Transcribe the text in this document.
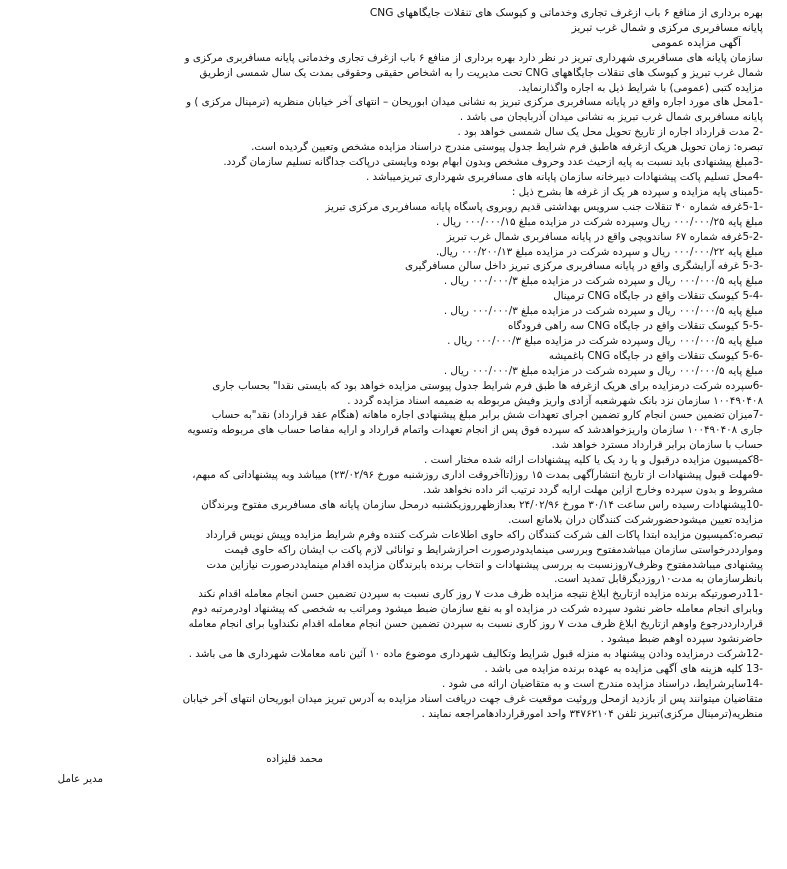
بهره برداری از منافع ۶ باب ازغرف تجاری وخدماتی و کیوسک های تنقلات جایگاههای CNG
پایانه مسافربری مرکزی و شمال غرب تبریز
آگهی مزایده عمومی
سازمان پایانه های مسافربری شهرداری تبریز در نظر دارد بهره برداری از منافع ۶ باب ازغرف تجاری وخدماتی پایانه مسافربری مرکزی و
شمال غرب تبریز و کیوسک های تنقلات جایگاههای CNG تحت مدیریت را به اشخاص حقیقی وحقوقی بمدت یک سال شمسی ازطریق
مزایده کتبی (عمومی) با شرایط ذیل به اجاره واگذارنماید.
-1محل های مورد اجاره واقع در پایانه مسافربری مرکزی تبریز به نشانی میدان ابوریحان – انتهای آخر خیابان منظریه (ترمینال مرکزی ) و
پایانه مسافربری شمال غرب تبریز به نشانی میدان آذربایجان می باشد .
-2 مدت قرارداد اجاره از تاریخ تحویل محل یک سال شمسی خواهد بود .
تبصره: زمان تحویل هریک ازغرفه هاطبق فرم شرایط جدول پیوستی مندرج دراسناد مزایده مشخص وتعیین گردیده است.
-3مبلغ پیشنهادی باید نسبت به پایه ازحیث عدد وحروف مشخص وبدون ابهام بوده وبایستی درپاکت جداگانه تسلیم سازمان گردد.
-4محل تسلیم پاکت پیشنهادات دبیرخانه سازمان پایانه های مسافربری شهرداری تبریزمیباشد .
-5مبنای پایه مزایده و سپرده هر یک از غرفه ها بشرح ذیل :
-5-1غرفه شماره ۴۰ تنقلات جنب سرویس بهداشتی قدیم روبروی پاسگاه پایانه مسافربری مرکزی تبریز
مبلغ پایه ۰۰۰/۰۰۰/۲۵ ریال وسپرده شرکت در مزایده مبلغ ۰۰۰/۰۰۰/۱۵ ریال .
-5-2غرفه شماره ۶۷ ساندویچی واقع در پایانه مسافربری شمال غرب تبریز
مبلغ پایه ۰۰۰/۰۰۰/۲۲ ریال و سپرده شرکت در مزایده مبلغ ۰۰۰/۲۰۰/۱۳ ریال.
-5-3 غرفه آرایشگری واقع در پایانه مسافربری مرکزی تبریز داخل سالن مسافرگیری
مبلغ پایه ۰۰۰/۰۰۰/۵ ریال و سپرده شرکت در مزایده مبلغ ۰۰۰/۰۰۰/۳ ریال .
-5-4 کیوسک تنقلات واقع در جایگاه CNG ترمینال
مبلغ پایه ۰۰۰/۰۰۰/۵ ریال و سپرده شرکت در مزایده مبلغ ۰۰۰/۰۰۰/۳ ریال .
-5-5 کیوسک تنقلات واقع در جایگاه CNG سه راهی فرودگاه
مبلغ پایه ۰۰۰/۰۰۰/۵ ریال وسپرده شرکت در مزایده مبلغ ۰۰۰/۰۰۰/۳ ریال .
-5-6 کیوسک تنقلات واقع در جایگاه CNG باغمیشه
مبلغ پایه ۰۰۰/۰۰۰/۵ ریال و سپرده شرکت در مزایده مبلغ ۰۰۰/۰۰۰/۳ ریال .
-6سپرده شرکت درمزایده برای هریک ازغرفه ها طبق فرم شرایط جدول پیوستی مزایده خواهد بود که بایستی نقدا" بحساب جاری
۱۰۰۴۹۰۴۰۸ سازمان نزد بانک شهرشعبه آزادی واریز وفیش مربوطه به ضمیمه اسناد مزایده گردد .
-7میزان تضمین حسن انجام کارو تضمین اجرای تعهدات شش برابر مبلغ پیشنهادی اجاره ماهانه (هنگام عقد قرارداد) نقد"به حساب
جاری ۱۰۰۴۹۰۴۰۸ سازمان واریزخواهدشد که سپرده فوق پس از انجام تعهدات واتمام قرارداد و ارایه مفاصا حساب های مربوطه وتسویه
حساب با سازمان برابر قرارداد مسترد خواهد شد.
-8کمیسیون مزایده درقبول و یا رد یک یا کلیه پیشنهادات ارائه شده مختار است .
-9مهلت قبول پیشنهادات از تاریخ انتشارآگهی بمدت ۱۵ روز(تاآخروقت اداری روزشنبه مورخ ۲۳/۰۲/۹۶) میباشد وبه پیشنهاداتی که مبهم،
مشروط و بدون سپرده وخارج ازاین مهلت ارایه گردد ترتیب اثر داده نخواهد شد.
-10پیشنهادات رسیده راس ساعت ۳۰/۱۴ مورخ ۲۴/۰۲/۹۶ بعدازظهرروزیکشنبه درمحل سازمان پایانه های مسافربری مفتوح وبرندگان
مزایده تعیین میشودحضورشرکت کنندگان دران بلامانع است.
تبصره:کمیسیون مزایده ابتدا پاکات الف شرکت کنندگان راکه حاوی اطلاعات شرکت کننده وفرم شرایط مزایده وپیش نویس قرارداد
وموارددرخواستی سازمان میباشدمفتوح وبررسی مینمایدودرصورت احرازشرایط و توانائی لازم پاکت ب ایشان راکه حاوی قیمت
پیشنهادی میباشدمفتوح وظرف۷روزنسبت به بررسی پیشنهادات و انتخاب برنده بابرندگان مزایده اقدام مینمایددرصورت نیازاین مدت
بانظرسازمان به مدت۱۰روزدیگرقابل تمدید است.
-11درصورتیکه برنده مزایده ازتاریخ ابلاغ نتیجه مزایده ظرف مدت ۷ روز کاری نسبت به سپردن تضمین حسن انجام معامله اقدام نکند
وبابرای انجام معامله حاضر نشود سپرده شرکت در مزایده او به نفع سازمان ضبط میشود ومراتب به شخصی که پیشنهاد اودرمرتبه دوم
قراردارددرجوع واوهم ازتاریخ ابلاغ ظرف مدت ۷ روز کاری نسبت به سپردن تضمین حسن انجام معامله اقدام نکنداویا برای انجام معامله
حاضرنشود سپرده اوهم ضبط میشود .
-12شرکت درمزایده ودادن پیشنهاد به منزله قبول شرایط وتکالیف شهرداری موضوع ماده ۱۰ آئین نامه معاملات شهرداری ها می باشد .
-13 کلیه هزینه های آگهی مزایده به عهده برنده مزایده می باشد .
-14سایرشرایط، دراسناد مزایده مندرج است و به متقاضیان ارائه می شود .
متقاضیان میتوانند پس از بازدید ازمحل وروئیت موقعیت غرف جهت دریافت اسناد مزایده به آدرس تبریز میدان ابوریحان انتهای آخر خیابان
منظریه(ترمینال مرکزی)تبریز تلفن ۳۴۷۶۲۱۰۴ واحد امورقراردادهامراجعه نمایند .
محمد قلیزاده
مدیر عامل
